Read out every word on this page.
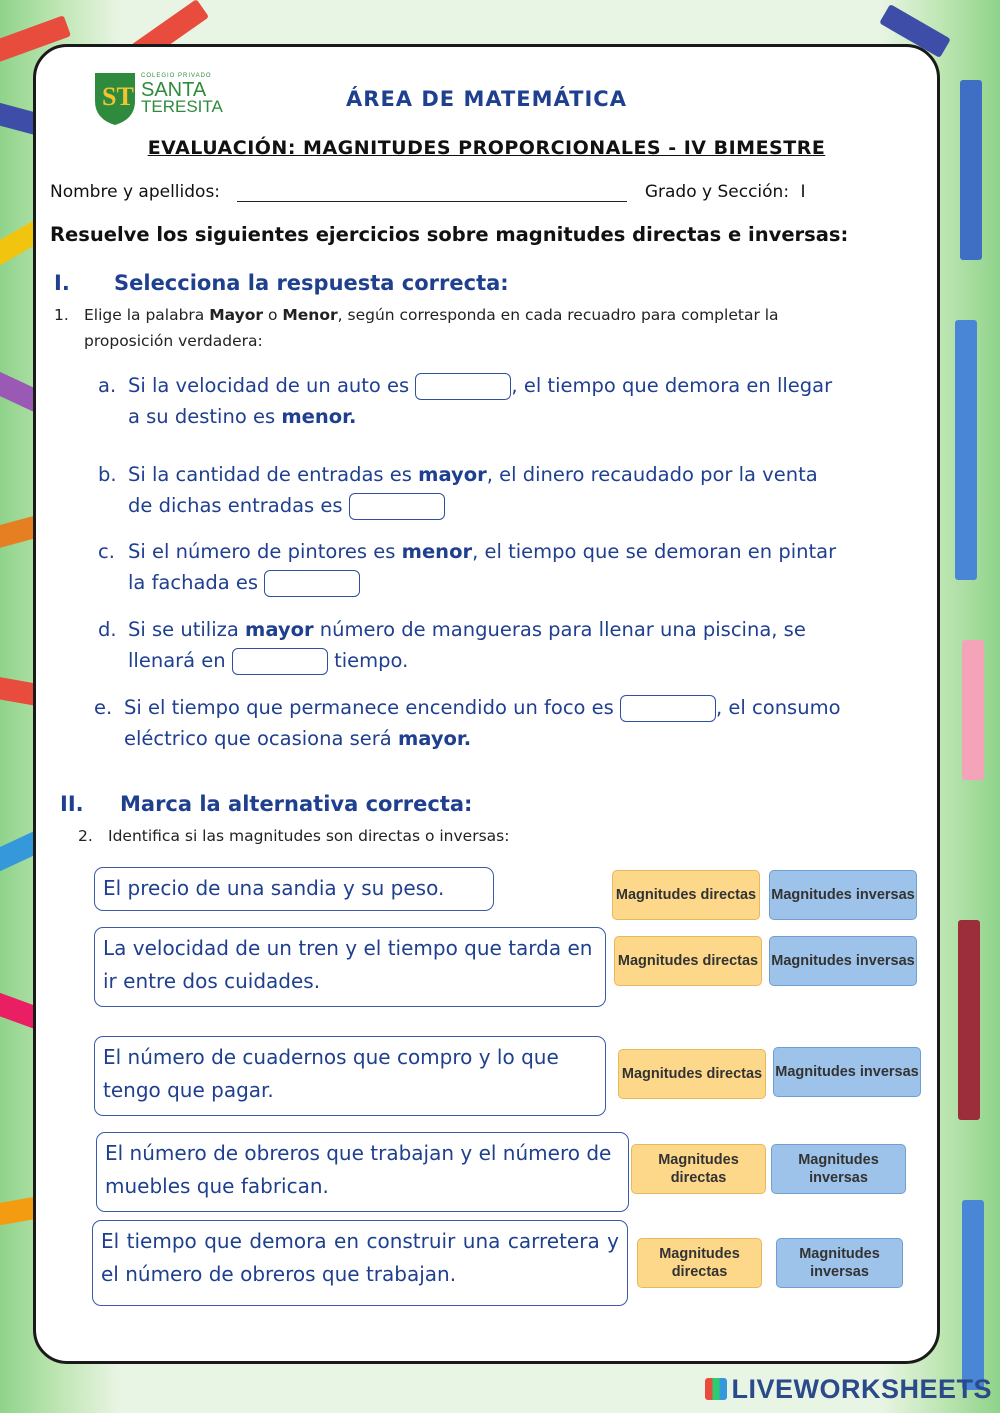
ST
COLEGIO PRIVADO
SANTA
TERESITA	ÁREA DE MATEMÁTICA
EVALUACIÓN: MAGNITUDES PROPORCIONALES - IV BIMESTRE
Nombre y apellidos:	Grado y Sección: I
Resuelve los siguientes ejercicios sobre magnitudes directas e inversas:
I. Selecciona la respuesta correcta:
1. Elige la palabra Mayor o Menor, según corresponda en cada recuadro para completar la
proposición verdadera:
a. Si la velocidad de un auto es	, el tiempo que demora en llegar
a su destino es menor.
b. Si la cantidad de entradas es mayor, el dinero recaudado por la venta
de dichas entradas es
c. Si el número de pintores es menor, el tiempo que se demoran en pintar
la fachada es
d. Si se utiliza mayor número de mangueras para llenar una piscina, se
llenará en	tiempo.
e. Si el tiempo que permanece encendido un foco es	, el consumo
eléctrico que ocasiona será mayor.
II. Marca la alternativa correcta:
2. Identifica si las magnitudes son directas o inversas:
El precio de una sandia y su peso.
La velocidad de un tren y el tiempo que tarda en ir entre dos cuidades.
El número de cuadernos que compro y lo que tengo que pagar.
El número de obreros que trabajan y el número de muebles que fabrican.
El tiempo que demora en construir una carretera y el número de obreros que trabajan.
Magnitudes directas Magnitudes inversas
Magnitudes directas Magnitudes inversas
Magnitudes directas Magnitudes inversas
Magnitudes directas
Magnitudes inversas
Magnitudes directas
Magnitudes inversas
LIVEWORKSHEETS
